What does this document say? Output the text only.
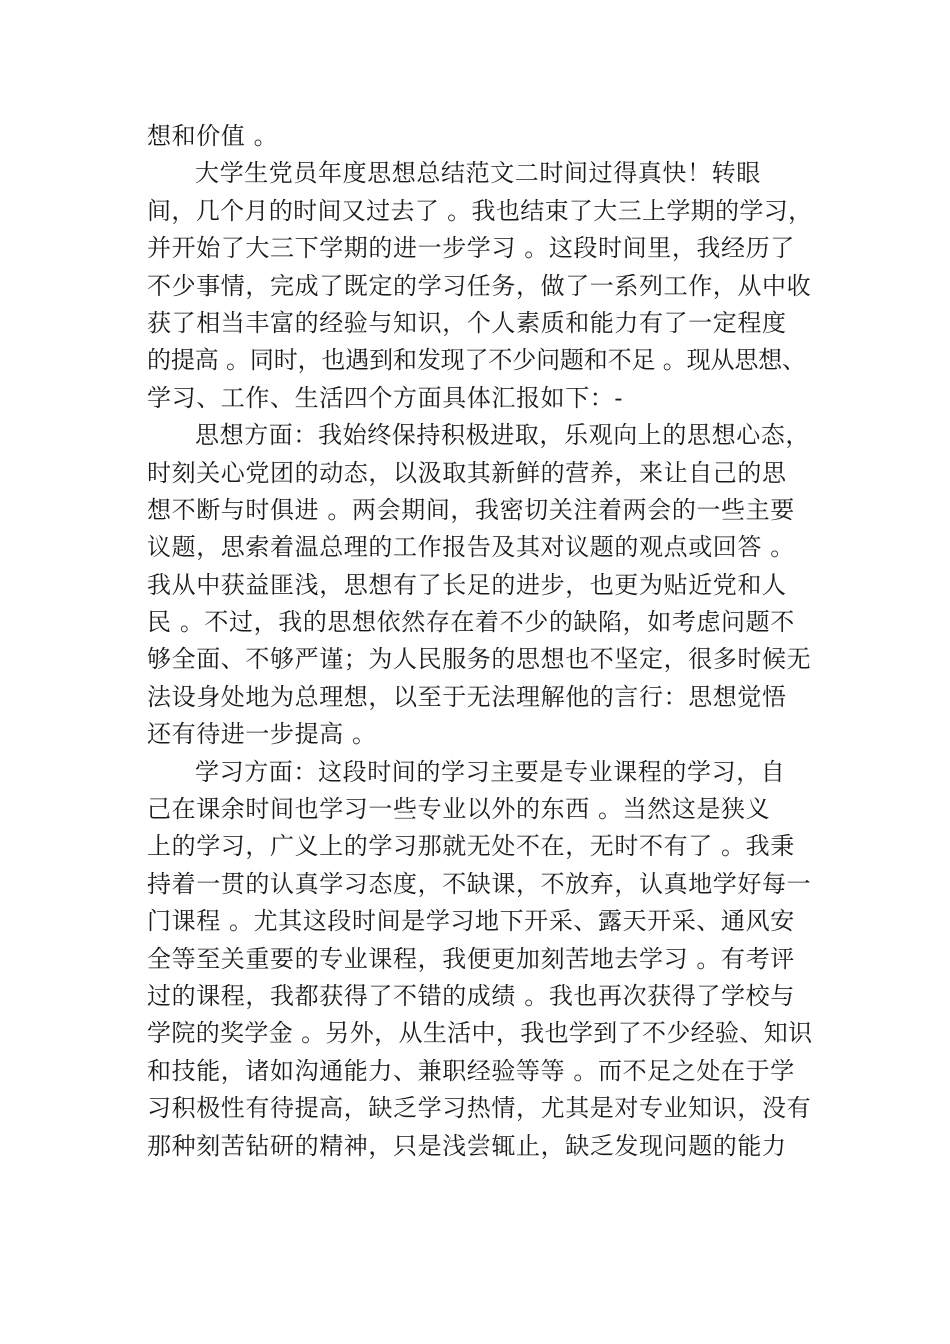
想和价值 。
大学生党员年度思想总结范文二时间过得真快！转眼
间，几个月的时间又过去了 。我也结束了大三上学期的学习，
并开始了大三下学期的进一步学习 。这段时间里，我经历了
不少事情，完成了既定的学习任务，做了一系列工作，从中收
获了相当丰富的经验与知识，个人素质和能力有了一定程度
的提高 。同时，也遇到和发现了不少问题和不足 。现从思想、
学习、工作、生活四个方面具体汇报如下：-
思想方面：我始终保持积极进取，乐观向上的思想心态，
时刻关心党团的动态，以汲取其新鲜的营养，来让自己的思
想不断与时俱进 。两会期间，我密切关注着两会的一些主要
议题，思索着温总理的工作报告及其对议题的观点或回答 。
我从中获益匪浅，思想有了长足的进步，也更为贴近党和人
民 。不过，我的思想依然存在着不少的缺陷，如考虑问题不
够全面、不够严谨；为人民服务的思想也不坚定，很多时候无
法设身处地为总理想，以至于无法理解他的言行：思想觉悟
还有待进一步提高 。
学习方面：这段时间的学习主要是专业课程的学习，自
己在课余时间也学习一些专业以外的东西 。当然这是狭义
上的学习，广义上的学习那就无处不在，无时不有了 。我秉
持着一贯的认真学习态度，不缺课，不放弃，认真地学好每一
门课程 。尤其这段时间是学习地下开采、露天开采、通风安
全等至关重要的专业课程，我便更加刻苦地去学习 。有考评
过的课程，我都获得了不错的成绩 。我也再次获得了学校与
学院的奖学金 。另外，从生活中，我也学到了不少经验、知识
和技能，诸如沟通能力、兼职经验等等 。而不足之处在于学
习积极性有待提高，缺乏学习热情，尤其是对专业知识，没有
那种刻苦钻研的精神，只是浅尝辄止，缺乏发现问题的能力
